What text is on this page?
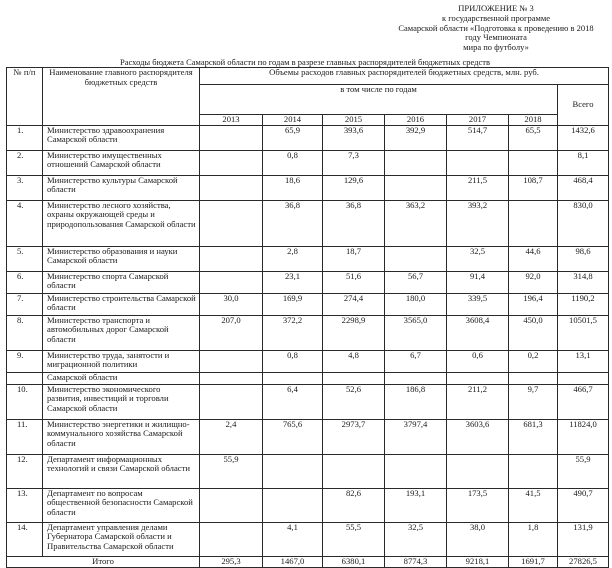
ПРИЛОЖЕНИЕ № 3
к государственной программе
Самарской области «Подготовка к проведению в 2018
году Чемпионата
мира по футболу»
Расходы бюджета Самарской области по годам в разрезе главных распорядителей бюджетных средств
№ п/п	Наименование главного распорядителя бюджетных средств	Объемы расходов главных распорядителей бюджетных средств, млн. руб.						
		в том числе по годам						Всего
		2013	2014	2015	2016	2017	2018	
1.	Министерство здравоохранения Самарской области		65,9	393,6	392,9	514,7	65,5	1432,6
2.	Министерство имущественных отношений Самарской области		0,8	7,3				8,1
3.	Министерство культуры Самарской области		18,6	129,6		211,5	108,7	468,4
4.	Министерство лесного хозяйства, охраны окружающей среды и природопользования Самарской области		36,8	36,8	363,2	393,2		830,0
5.	Министерство образования и науки Самарской области		2,8	18,7		32,5	44,6	98,6
6.	Министерство спорта Самарской области		23,1	51,6	56,7	91,4	92,0	314,8
7.	Министерство строительства Самарской области	30,0	169,9	274,4	180,0	339,5	196,4	1190,2
8.	Министерство транспорта и автомобильных дорог Самарской области	207,0	372,2	2298,9	3565,0	3608,4	450,0	10501,5
9.	Министерство труда, занятости и миграционной политики		0,8	4,8	6,7	0,6	0,2	13,1
	Самарской области							
10.	Министерство экономического развития, инвестиций и торговли Самарской области		6,4	52,6	186,8	211,2	9,7	466,7
11.	Министерство энергетики и жилищно-коммунального хозяйства Самарской области	2,4	765,6	2973,7	3797,4	3603,6	681,3	11824,0
12.	Департамент информационных технологий и связи Самарской области	55,9						55,9
13.	Департамент по вопросам общественной безопасности Самарской области			82,6	193,1	173,5	41,5	490,7
14.	Департамент управления делами Губернатора Самарской области и Правительства Самарской области		4,1	55,5	32,5	38,0	1,8	131,9
Итого		295,3	1467,0	6380,1	8774,3	9218,1	1691,7	27826,5
